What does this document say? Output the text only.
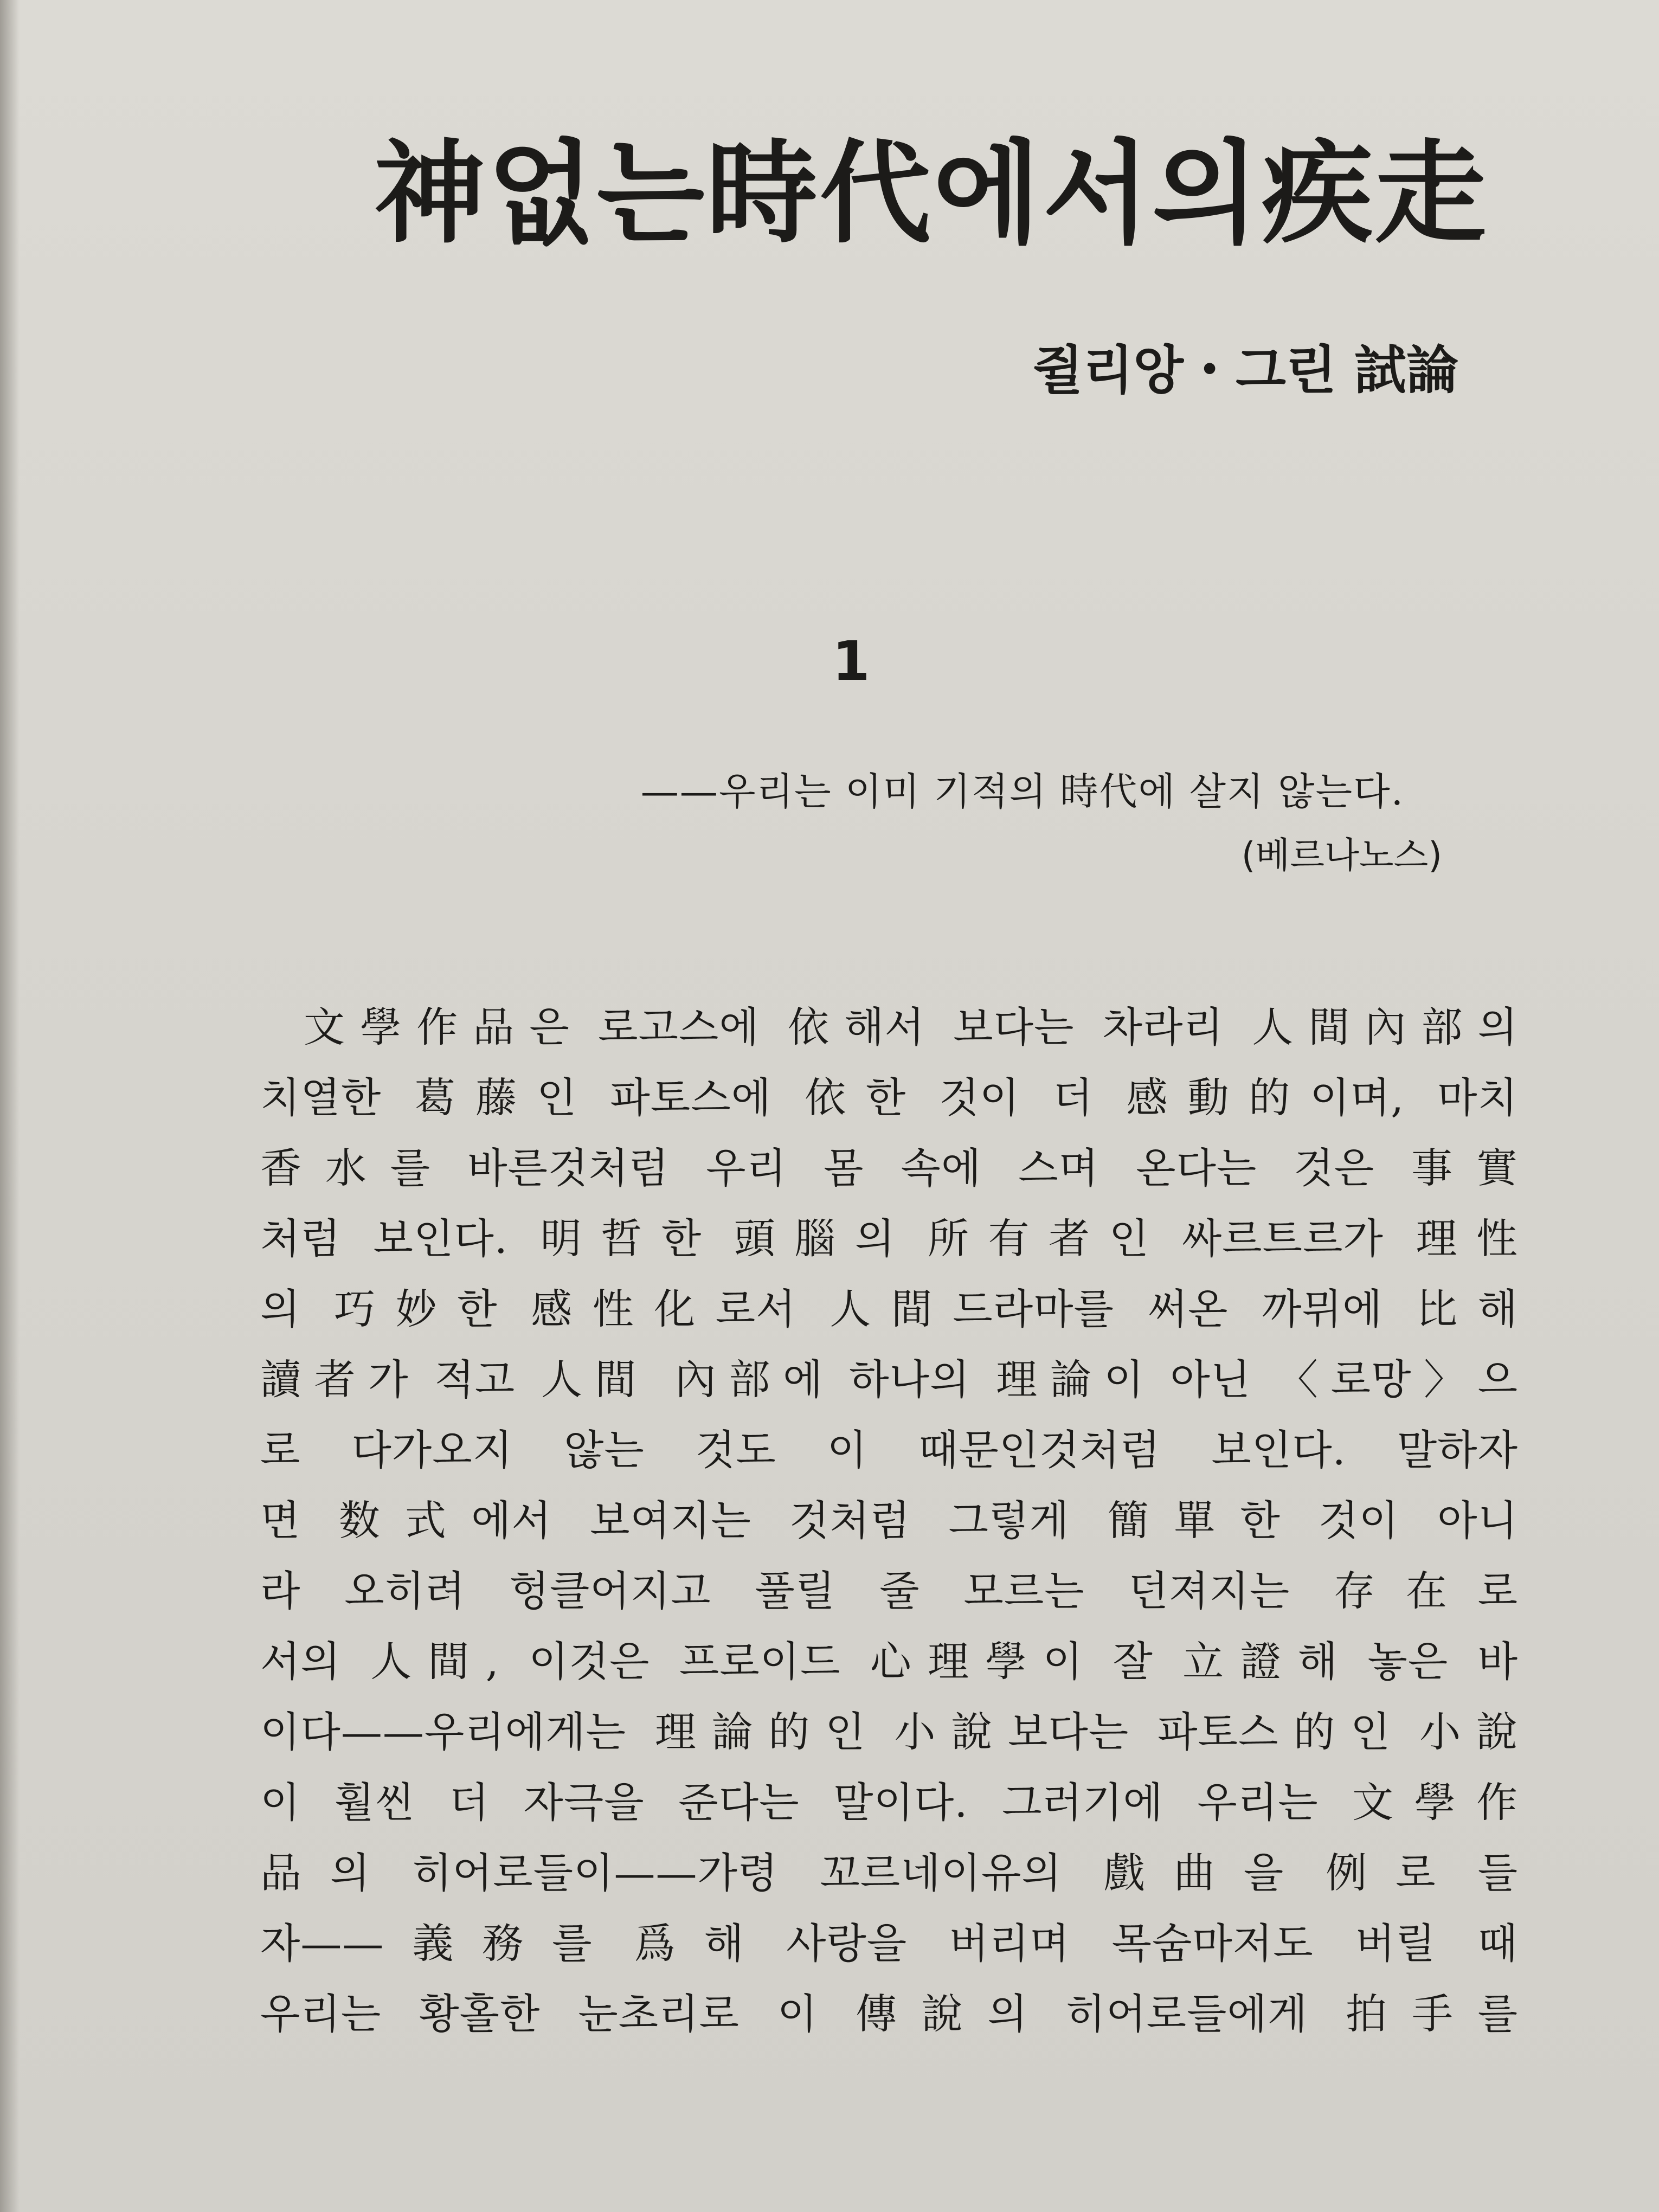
神없는時代에서의疾走
쥘리앙・그린 試論
1
——우리는 이미 기적의 時代에 살지 않는다.
(베르나노스)
文學作品은 로고스에 依해서 보다는 차라리 人間內部의
치열한 葛藤인 파토스에 依한 것이 더 感動的이며, 마치
香水를 바른것처럼 우리 몸 속에 스며 온다는 것은 事實
처럼 보인다. 明哲한 頭腦의 所有者인 싸르트르가 理性
의 巧妙한 感性化로서 人間드라마를 써온 까뮈에 比해
讀者가 적고 人間 內部에 하나의 理論이 아닌 〈로망〉으
로 다가오지 않는 것도 이 때문인것처럼 보인다. 말하자
면 数式에서 보여지는 것처럼 그렇게 簡單한 것이 아니
라 오히려 헝클어지고 풀릴 줄 모르는 던져지는 存在로
서의 人間, 이것은 프로이드 心理學이 잘 立證해 놓은 바
이다——우리에게는 理論的인 小說보다는 파토스的인 小說
이 훨씬 더 자극을 준다는 말이다. 그러기에 우리는 文學作
品의 히어로들이——가령 꼬르네이유의 戲曲을 例로 들
자——義務를 爲해 사랑을 버리며 목숨마저도 버릴 때
우리는 황홀한 눈초리로 이 傳說의 히어로들에게 拍手를
